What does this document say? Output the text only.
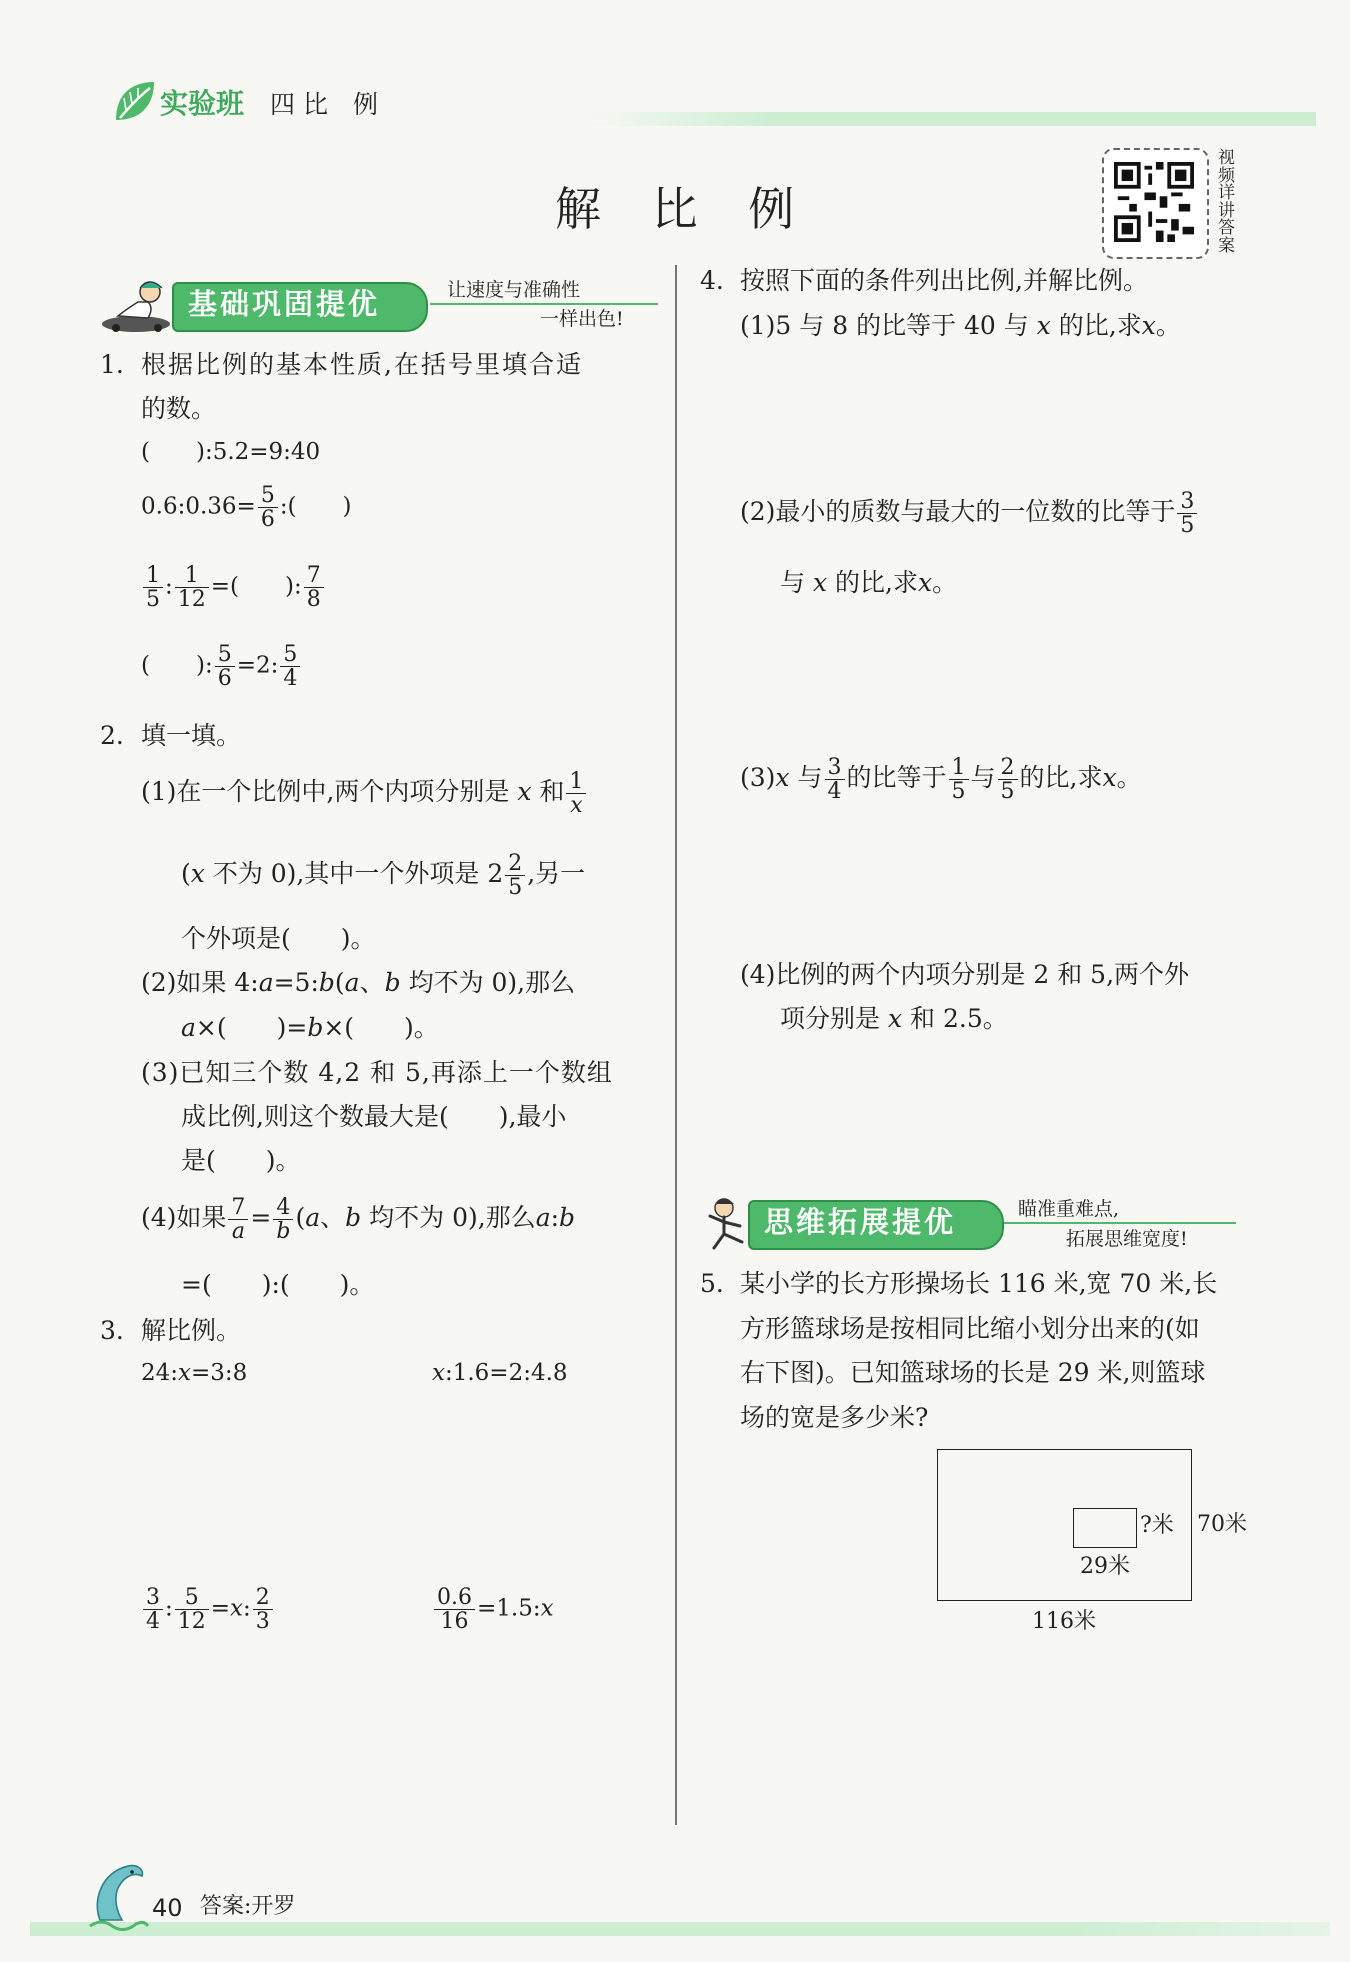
实验班 四 比　例
解 比 例
视频详讲答案
基础巩固提优	让速度与准确性
一样出色!
1. 根据比例的基本性质,在括号里填合适
的数。
(　　):5.2=9:40
0.6:0.36= $\frac{5}{6}$ :(　　)
$\frac{1}{5}$ : $\frac{1}{12}$ =(　　): $\frac{7}{8}$
(　　): $\frac{5}{6} =2$: $\frac{5}{4}$
2. 填一填。
(1)在一个比例中,两个内项分别是 x 和 $\frac{1}{x}$
(x 不为 0),其中一个外项是 $2 \frac{2}{5}$ ,另一
个外项是(　　)。
(2)如果 4:a=5:b(a、b 均不为 0),那么
a×(　　)=b×(　　)。
(3)已知三个数 4,2 和 5,再添上一个数组
成比例,则这个数最大是(　　),最小
是(　　)。
(4)如果 $\frac{7}{a} = \frac{4}{b} (a$、b 均不为 0),那么a:b
=(　　):(　　)。
3. 解比例。
24:x=3:8	x:1.6=2:4.8
$\frac{3}{4}$ : $\frac{5}{12} =x$: $\frac{2}{3}$	$\frac{0.6}{16}$ =1.5:x
4. 按照下面的条件列出比例,并解比例。
(1)5 与 8 的比等于 40 与 x 的比,求x。
(2)最小的质数与最大的一位数的比等于 $\frac{3}{5}$
与 x 的比,求x。
(3)x 与 $\frac{3}{4}$ 的比等于 $\frac{1}{5}$ 与 $\frac{2}{5}$ 的比,求x。
(4)比例的两个内项分别是 2 和 5,两个外
项分别是 x 和 2.5。
思维拓展提优	瞄准重难点,
拓展思维宽度!
5. 某小学的长方形操场长 116 米,宽 70 米,长
方形篮球场是按相同比缩小划分出来的(如
右下图)。已知篮球场的长是 29 米,则篮球
场的宽是多少米?
?米 70米
29米
116米
40 答案:开罗
